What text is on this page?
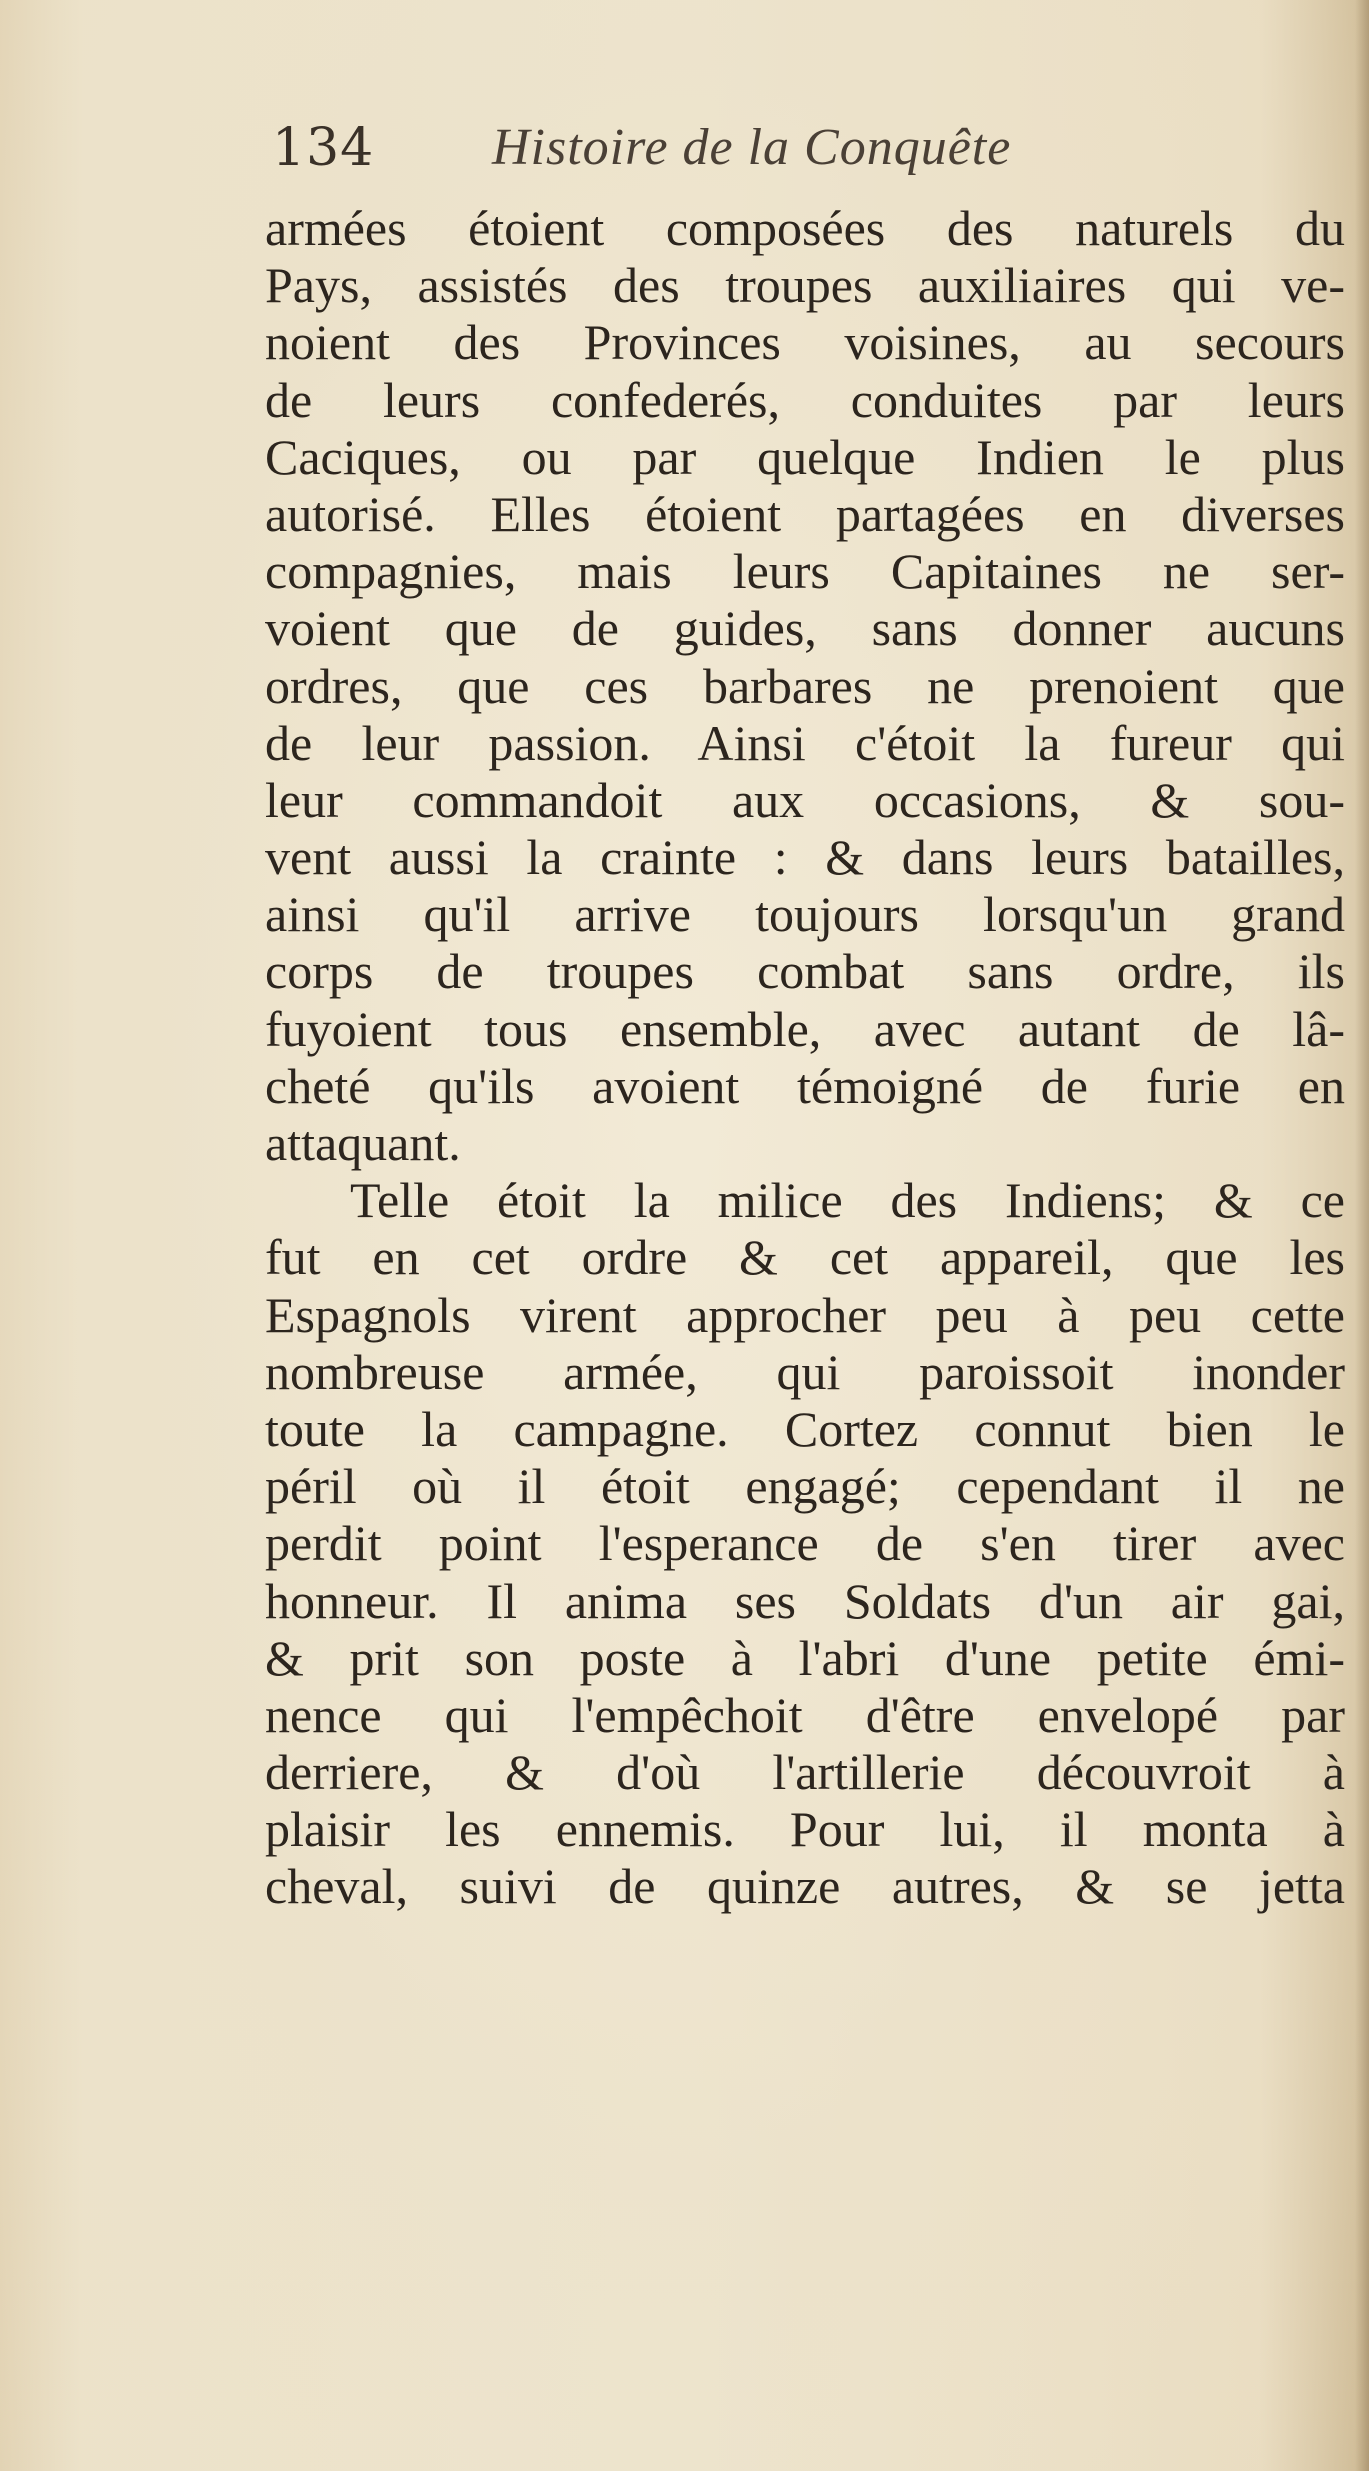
134 Histoire de la Conquête
armées étoient composées des naturels du
Pays, assistés des troupes auxiliaires qui ve-
noient des Provinces voisines, au secours
de leurs confederés, conduites par leurs
Caciques, ou par quelque Indien le plus
autorisé. Elles étoient partagées en diverses
compagnies, mais leurs Capitaines ne ser-
voient que de guides, sans donner aucuns
ordres, que ces barbares ne prenoient que
de leur passion. Ainsi c'étoit la fureur qui
leur commandoit aux occasions, & sou-
vent aussi la crainte : & dans leurs batailles,
ainsi qu'il arrive toujours lorsqu'un grand
corps de troupes combat sans ordre, ils
fuyoient tous ensemble, avec autant de lâ-
cheté qu'ils avoient témoigné de furie en
attaquant.
Telle étoit la milice des Indiens; & ce
fut en cet ordre & cet appareil, que les
Espagnols virent approcher peu à peu cette
nombreuse armée, qui paroissoit inonder
toute la campagne. Cortez connut bien le
péril où il étoit engagé; cependant il ne
perdit point l'esperance de s'en tirer avec
honneur. Il anima ses Soldats d'un air gai,
& prit son poste à l'abri d'une petite émi-
nence qui l'empêchoit d'être envelopé par
derriere, & d'où l'artillerie découvroit à
plaisir les ennemis. Pour lui, il monta à
cheval, suivi de quinze autres, & se jetta
